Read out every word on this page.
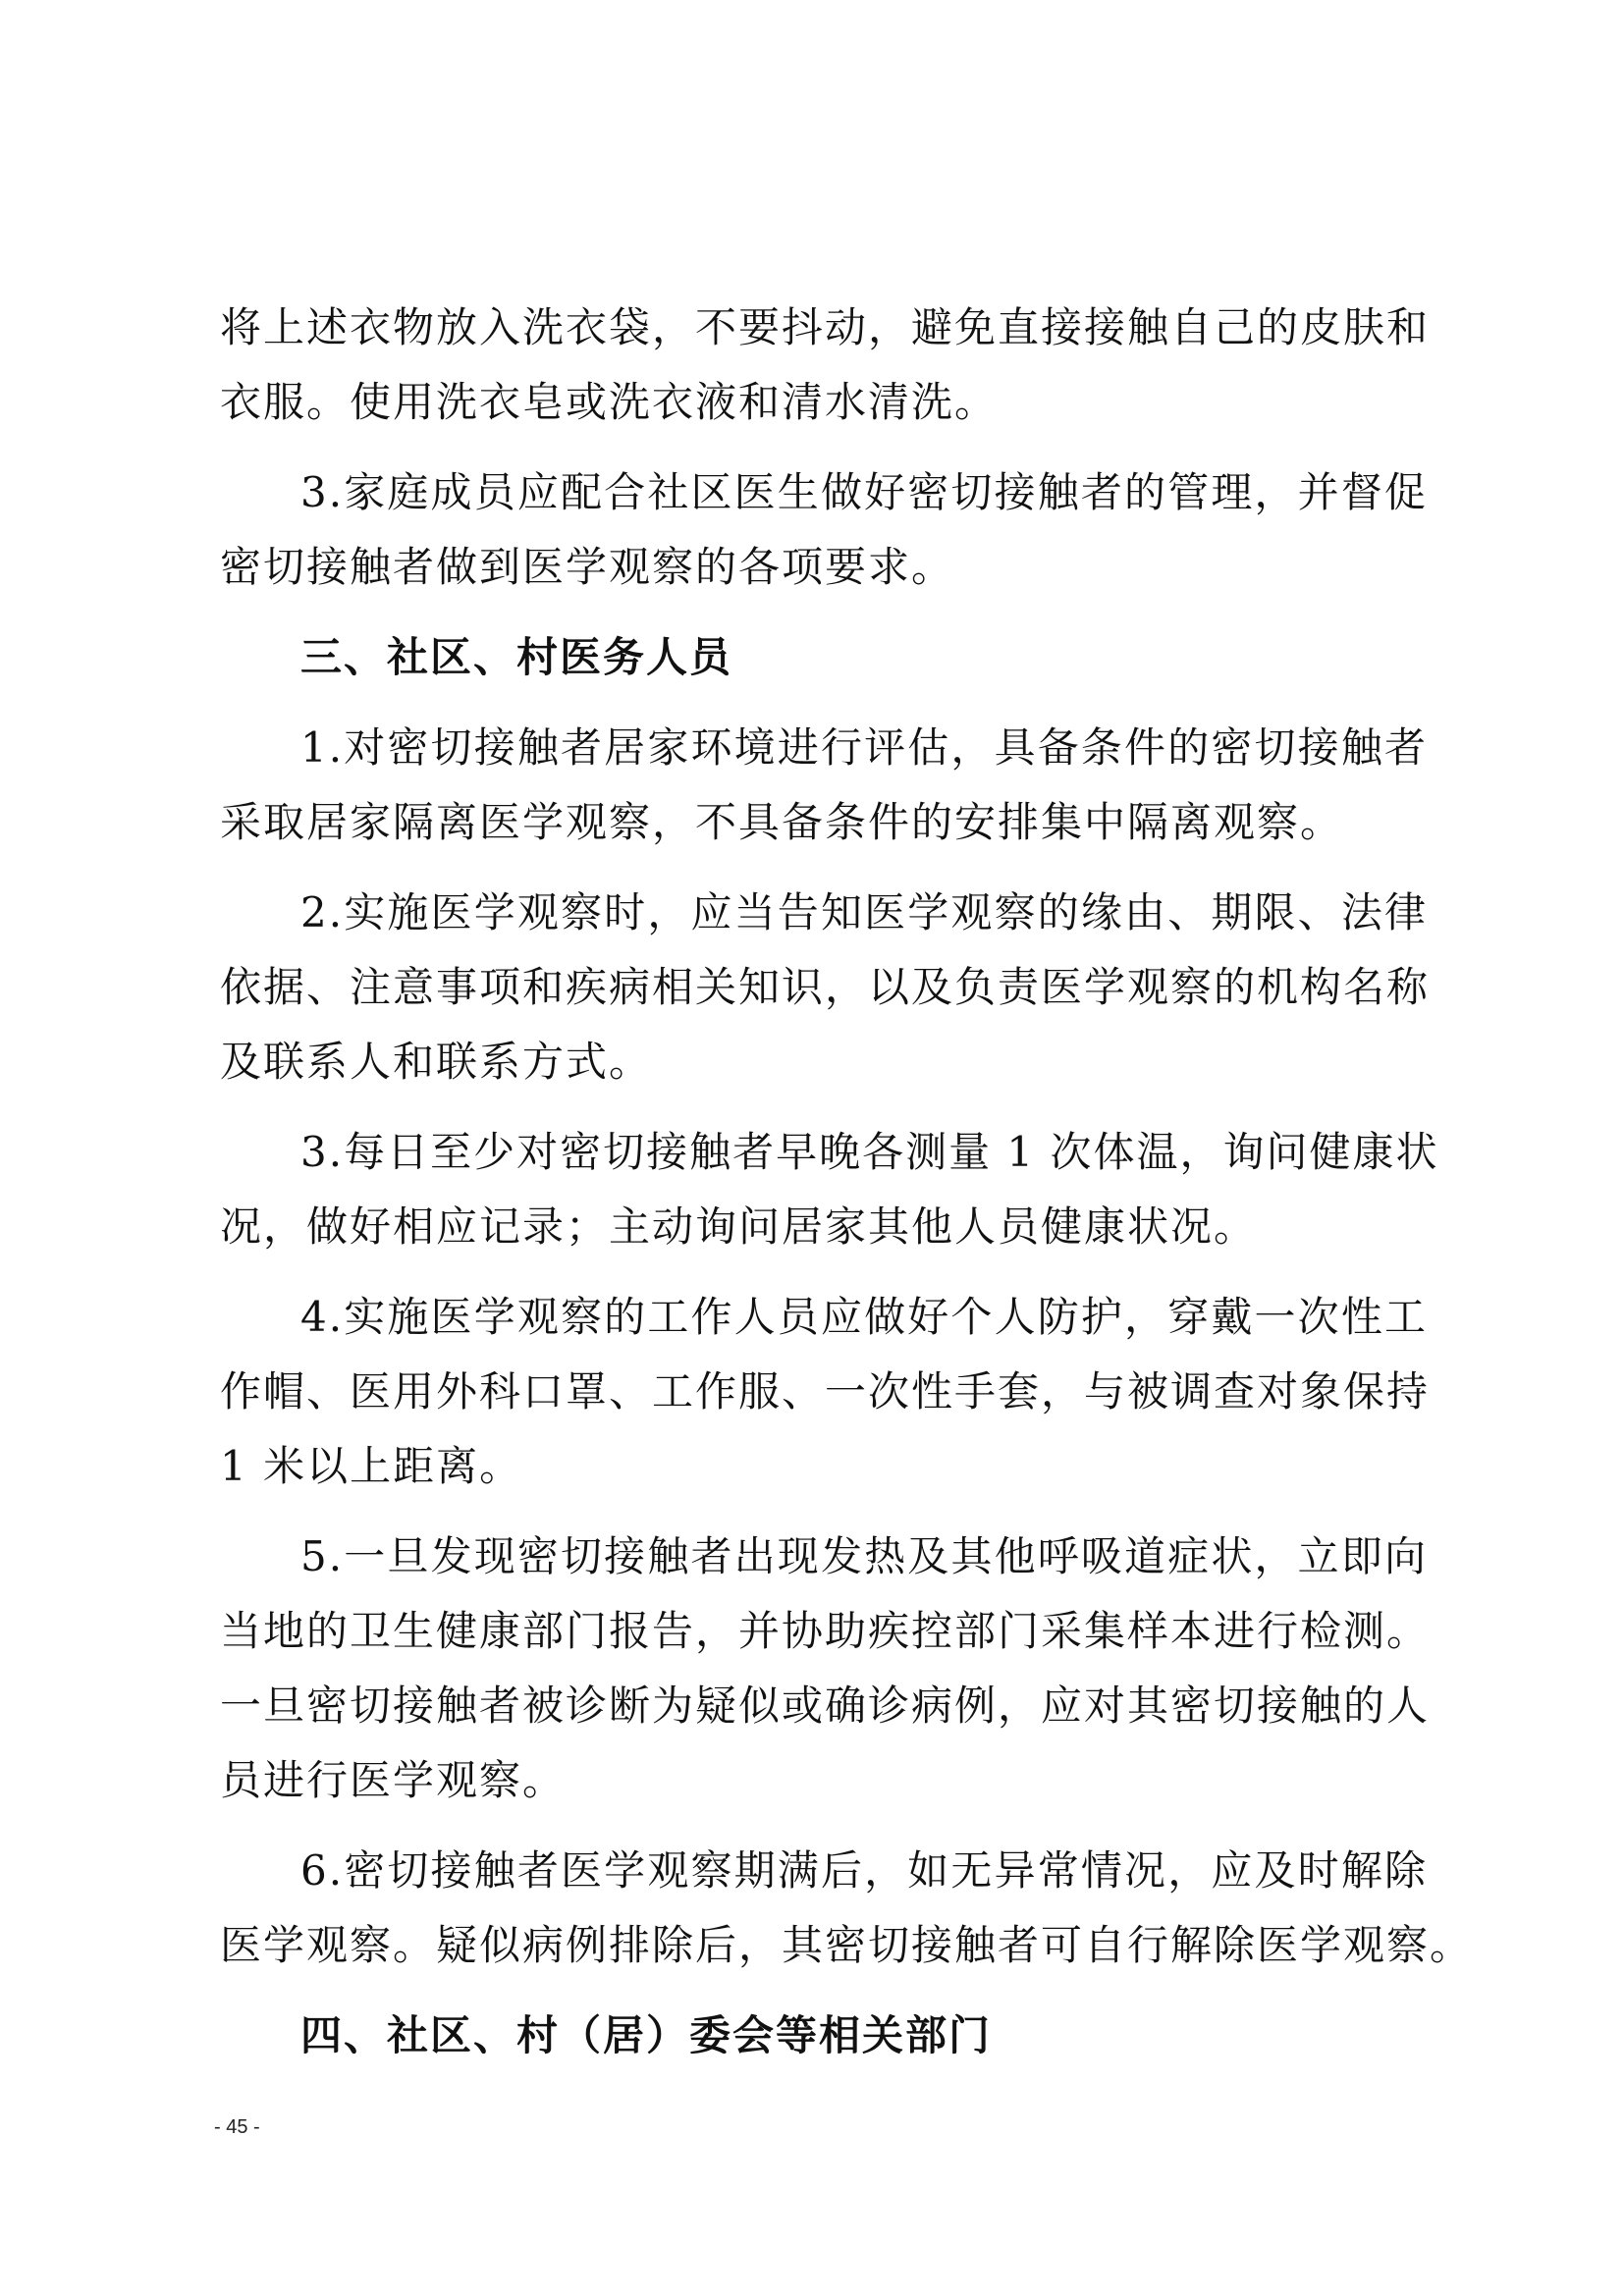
将上述衣物放入洗衣袋，不要抖动，避免直接接触自己的皮肤和
衣服。使用洗衣皂或洗衣液和清水清洗。
3.家庭成员应配合社区医生做好密切接触者的管理，并督促
密切接触者做到医学观察的各项要求。
三、社区、村医务人员
1.对密切接触者居家环境进行评估，具备条件的密切接触者
采取居家隔离医学观察，不具备条件的安排集中隔离观察。
2.实施医学观察时，应当告知医学观察的缘由、期限、法律
依据、注意事项和疾病相关知识，以及负责医学观察的机构名称
及联系人和联系方式。
3.每日至少对密切接触者早晚各测量 1 次体温，询问健康状
况，做好相应记录；主动询问居家其他人员健康状况。
4.实施医学观察的工作人员应做好个人防护，穿戴一次性工
作帽、医用外科口罩、工作服、一次性手套，与被调查对象保持
1 米以上距离。
5.一旦发现密切接触者出现发热及其他呼吸道症状，立即向
当地的卫生健康部门报告，并协助疾控部门采集样本进行检测。
一旦密切接触者被诊断为疑似或确诊病例，应对其密切接触的人
员进行医学观察。
6.密切接触者医学观察期满后，如无异常情况，应及时解除
医学观察。疑似病例排除后，其密切接触者可自行解除医学观察。
四、社区、村（居）委会等相关部门
- 45 -
